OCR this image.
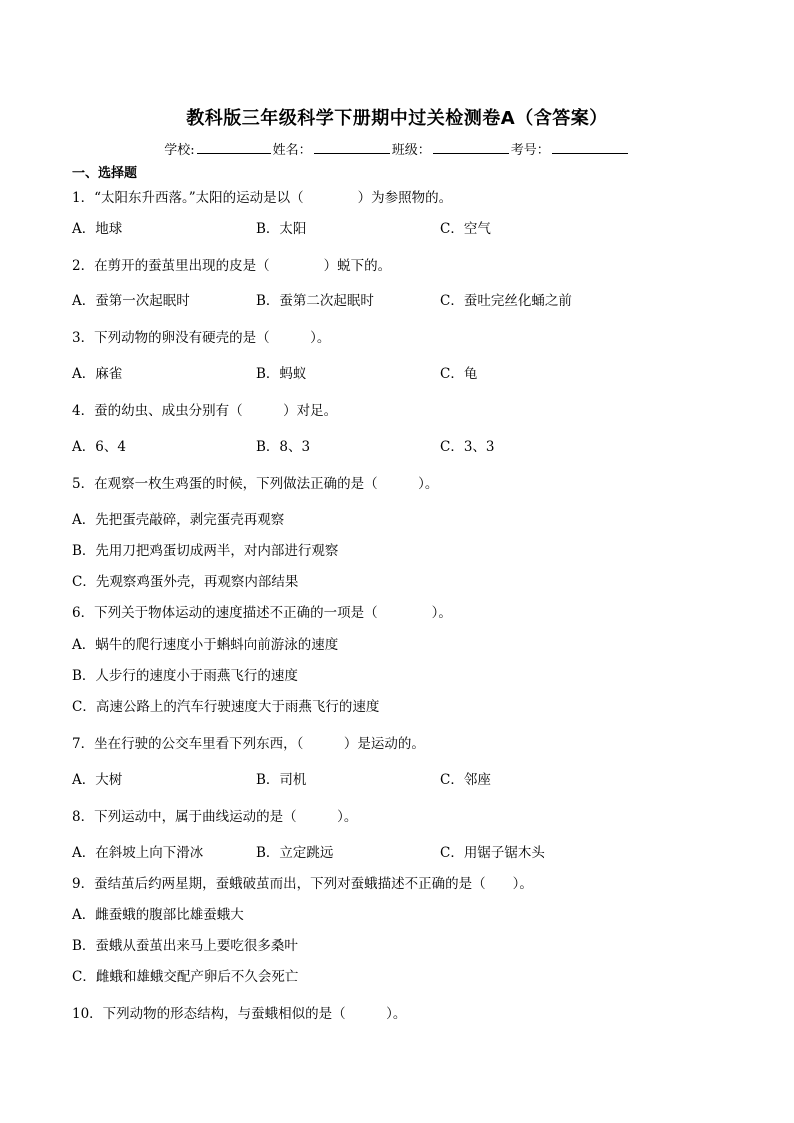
教科版三年级科学下册期中过关检测卷A（含答案）
学校:	姓名：	班级：	考号：
一、选择题
1．“太阳东升西落。”太阳的运动是以（　　　　）为参照物的。
A．地球	B．太阳	C．空气
2．在剪开的蚕茧里出现的皮是（　　　　）蜕下的。
A．蚕第一次起眠时	B．蚕第二次起眠时	C．蚕吐完丝化蛹之前
3．下列动物的卵没有硬壳的是（　　　）。
A．麻雀	B．蚂蚁	C．龟
4．蚕的幼虫、成虫分别有（　　　）对足。
A．6、4	B．8、3	C．3、3
5．在观察一枚生鸡蛋的时候，下列做法正确的是（　　　）。
A．先把蛋壳敲碎，剥完蛋壳再观察
B．先用刀把鸡蛋切成两半，对内部进行观察
C．先观察鸡蛋外壳，再观察内部结果
6．下列关于物体运动的速度描述不正确的一项是（　　　　）。
A．蜗牛的爬行速度小于蝌蚪向前游泳的速度
B．人步行的速度小于雨燕飞行的速度
C．高速公路上的汽车行驶速度大于雨燕飞行的速度
7．坐在行驶的公交车里看下列东西，（　　　）是运动的。
A．大树	B．司机	C．邻座
8．下列运动中，属于曲线运动的是（　　　）。
A．在斜坡上向下滑冰	B．立定跳远	C．用锯子锯木头
9．蚕结茧后约两星期，蚕蛾破茧而出，下列对蚕蛾描述不正确的是（　　）。
A．雌蚕蛾的腹部比雄蚕蛾大
B．蚕蛾从蚕茧出来马上要吃很多桑叶
C．雌蛾和雄蛾交配产卵后不久会死亡
10．下列动物的形态结构，与蚕蛾相似的是（　　　）。
